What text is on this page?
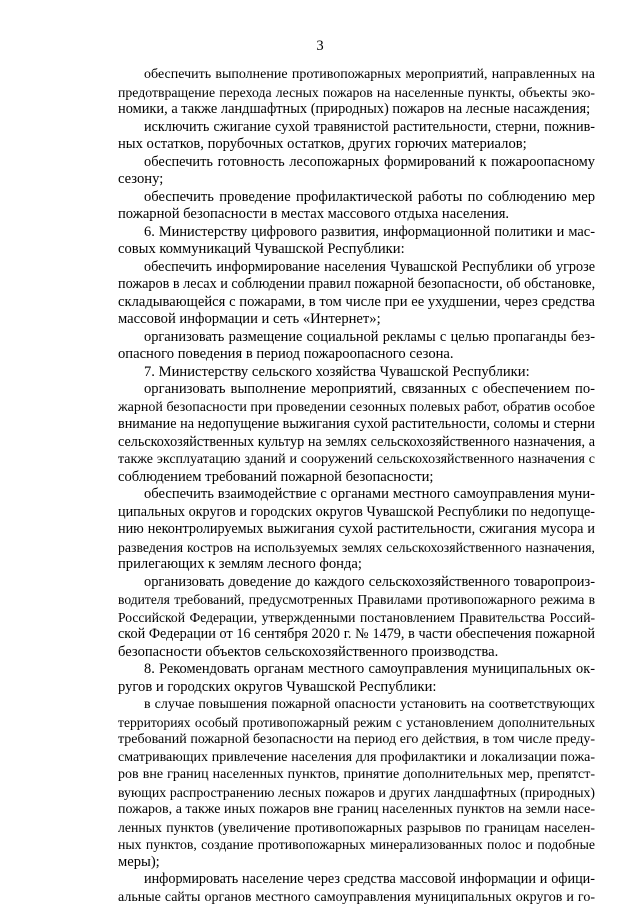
3
обеспечить выполнение противопожарных мероприятий, направленных на
предотвращение перехода лесных пожаров на населенные пункты, объекты эко-
номики, а также ландшафтных (природных) пожаров на лесные насаждения;
исключить сжигание сухой травянистой растительности, стерни, пожнив-
ных остатков, порубочных остатков, других горючих материалов;
обеспечить готовность лесопожарных формирований к пожароопасному
сезону;
обеспечить проведение профилактической работы по соблюдению мер
пожарной безопасности в местах массового отдыха населения.
6. Министерству цифрового развития, информационной политики и мас-
совых коммуникаций Чувашской Республики:
обеспечить информирование населения Чувашской Республики об угрозе
пожаров в лесах и соблюдении правил пожарной безопасности, об обстановке,
складывающейся с пожарами, в том числе при ее ухудшении, через средства
массовой информации и сеть «Интернет»;
организовать размещение социальной рекламы с целью пропаганды без-
опасного поведения в период пожароопасного сезона.
7. Министерству сельского хозяйства Чувашской Республики:
организовать выполнение мероприятий, связанных с обеспечением по-
жарной безопасности при проведении сезонных полевых работ, обратив особое
внимание на недопущение выжигания сухой растительности, соломы и стерни
сельскохозяйственных культур на землях сельскохозяйственного назначения, а
также эксплуатацию зданий и сооружений сельскохозяйственного назначения с
соблюдением требований пожарной безопасности;
обеспечить взаимодействие с органами местного самоуправления муни-
ципальных округов и городских округов Чувашской Республики по недопуще-
нию неконтролируемых выжигания сухой растительности, сжигания мусора и
разведения костров на используемых землях сельскохозяйственного назначения,
прилегающих к землям лесного фонда;
организовать доведение до каждого сельскохозяйственного товаропроиз-
водителя требований, предусмотренных Правилами противопожарного режима в
Российской Федерации, утвержденными постановлением Правительства Россий-
ской Федерации от 16 сентября 2020 г. № 1479, в части обеспечения пожарной
безопасности объектов сельскохозяйственного производства.
8. Рекомендовать органам местного самоуправления муниципальных ок-
ругов и городских округов Чувашской Республики:
в случае повышения пожарной опасности установить на соответствующих
территориях особый противопожарный режим с установлением дополнительных
требований пожарной безопасности на период его действия, в том числе преду-
сматривающих привлечение населения для профилактики и локализации пожа-
ров вне границ населенных пунктов, принятие дополнительных мер, препятст-
вующих распространению лесных пожаров и других ландшафтных (природных)
пожаров, а также иных пожаров вне границ населенных пунктов на земли насе-
ленных пунктов (увеличение противопожарных разрывов по границам населен-
ных пунктов, создание противопожарных минерализованных полос и подобные
меры);
информировать население через средства массовой информации и офици-
альные сайты органов местного самоуправления муниципальных округов и го-
